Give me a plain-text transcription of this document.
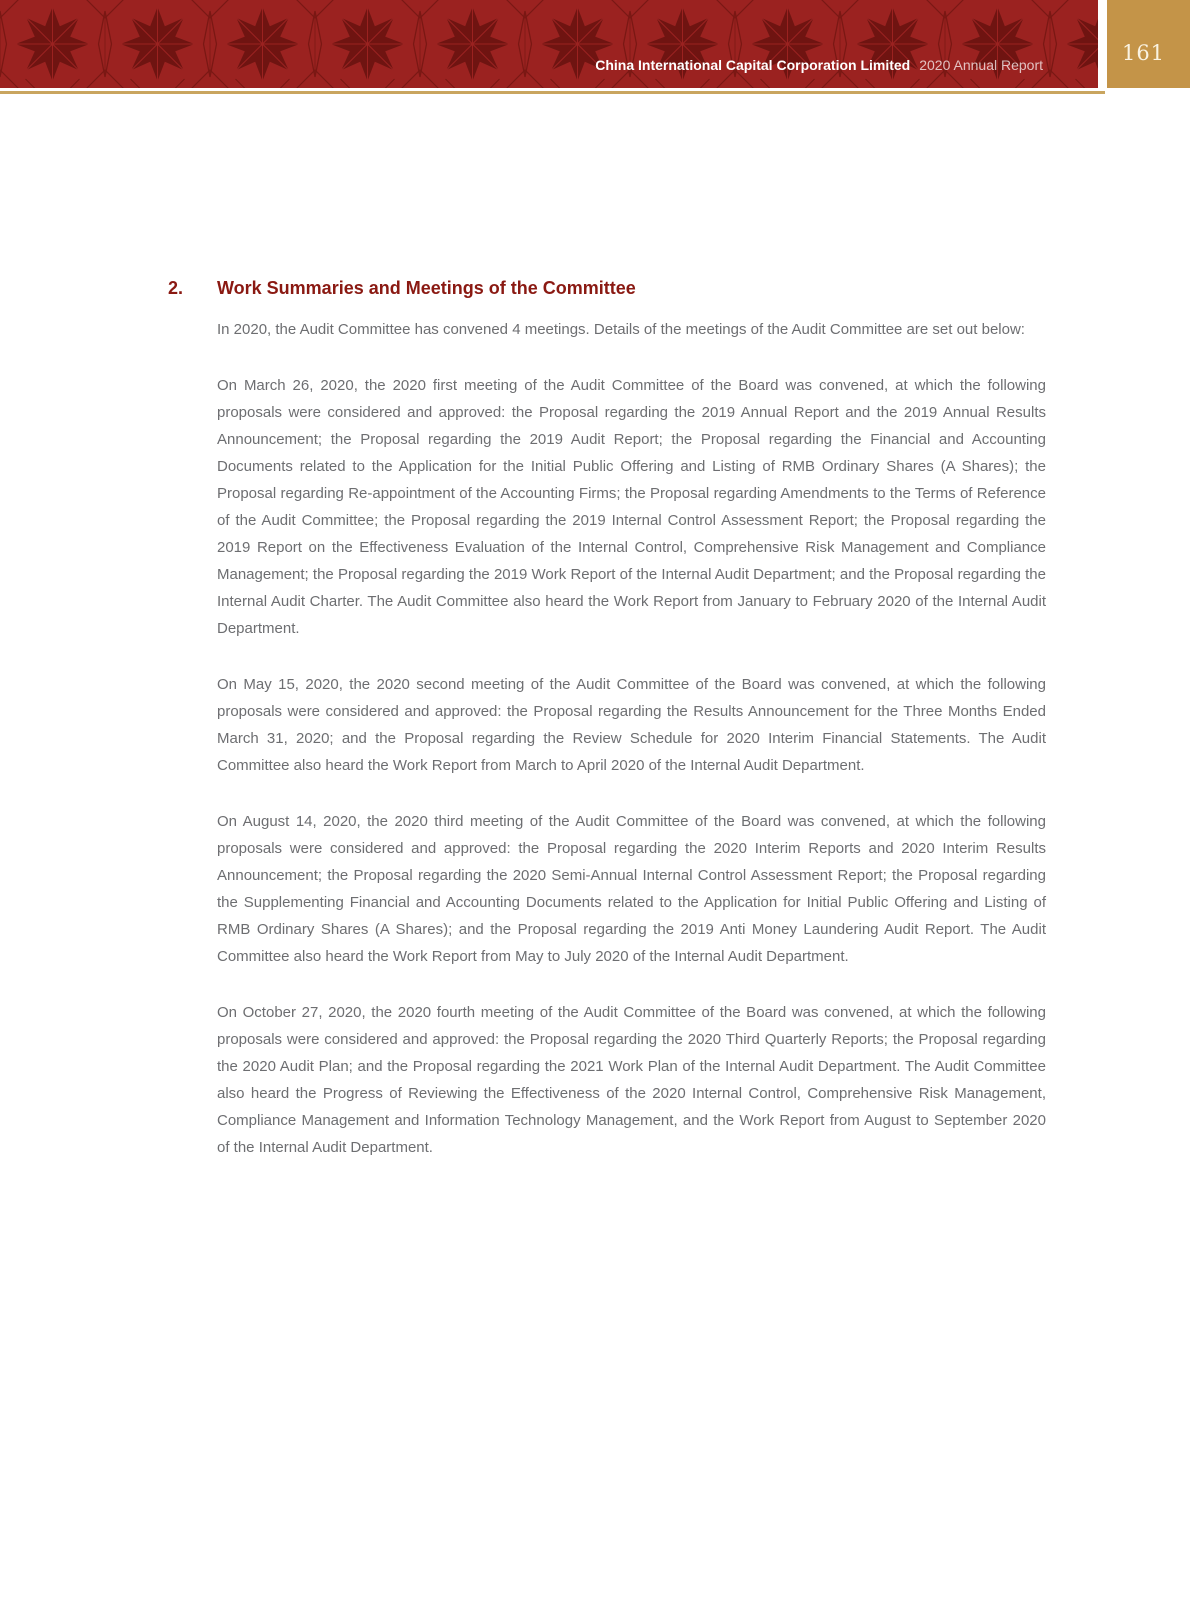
China International Capital Corporation Limited 2020 Annual Report	161
2.	Work Summaries and Meetings of the Committee

In 2020, the Audit Committee has convened 4 meetings. Details of the meetings of the Audit Committee are set out below:

On March 26, 2020, the 2020 first meeting of the Audit Committee of the Board was convened, at which the following proposals were considered and approved: the Proposal regarding the 2019 Annual Report and the 2019 Annual Results Announcement; the Proposal regarding the 2019 Audit Report; the Proposal regarding the Financial and Accounting Documents related to the Application for the Initial Public Offering and Listing of RMB Ordinary Shares (A Shares); the Proposal regarding Re-appointment of the Accounting Firms; the Proposal regarding Amendments to the Terms of Reference of the Audit Committee; the Proposal regarding the 2019 Internal Control Assessment Report; the Proposal regarding the 2019 Report on the Effectiveness Evaluation of the Internal Control, Comprehensive Risk Management and Compliance Management; the Proposal regarding the 2019 Work Report of the Internal Audit Department; and the Proposal regarding the Internal Audit Charter. The Audit Committee also heard the Work Report from January to February 2020 of the Internal Audit Department.

On May 15, 2020, the 2020 second meeting of the Audit Committee of the Board was convened, at which the following proposals were considered and approved: the Proposal regarding the Results Announcement for the Three Months Ended March 31, 2020; and the Proposal regarding the Review Schedule for 2020 Interim Financial Statements. The Audit Committee also heard the Work Report from March to April 2020 of the Internal Audit Department.

On August 14, 2020, the 2020 third meeting of the Audit Committee of the Board was convened, at which the following proposals were considered and approved: the Proposal regarding the 2020 Interim Reports and 2020 Interim Results Announcement; the Proposal regarding the 2020 Semi-Annual Internal Control Assessment Report; the Proposal regarding the Supplementing Financial and Accounting Documents related to the Application for Initial Public Offering and Listing of RMB Ordinary Shares (A Shares); and the Proposal regarding the 2019 Anti Money Laundering Audit Report. The Audit Committee also heard the Work Report from May to July 2020 of the Internal Audit Department.

On October 27, 2020, the 2020 fourth meeting of the Audit Committee of the Board was convened, at which the following proposals were considered and approved: the Proposal regarding the 2020 Third Quarterly Reports; the Proposal regarding the 2020 Audit Plan; and the Proposal regarding the 2021 Work Plan of the Internal Audit Department. The Audit Committee also heard the Progress of Reviewing the Effectiveness of the 2020 Internal Control, Comprehensive Risk Management, Compliance Management and Information Technology Management, and the Work Report from August to September 2020 of the Internal Audit Department.
